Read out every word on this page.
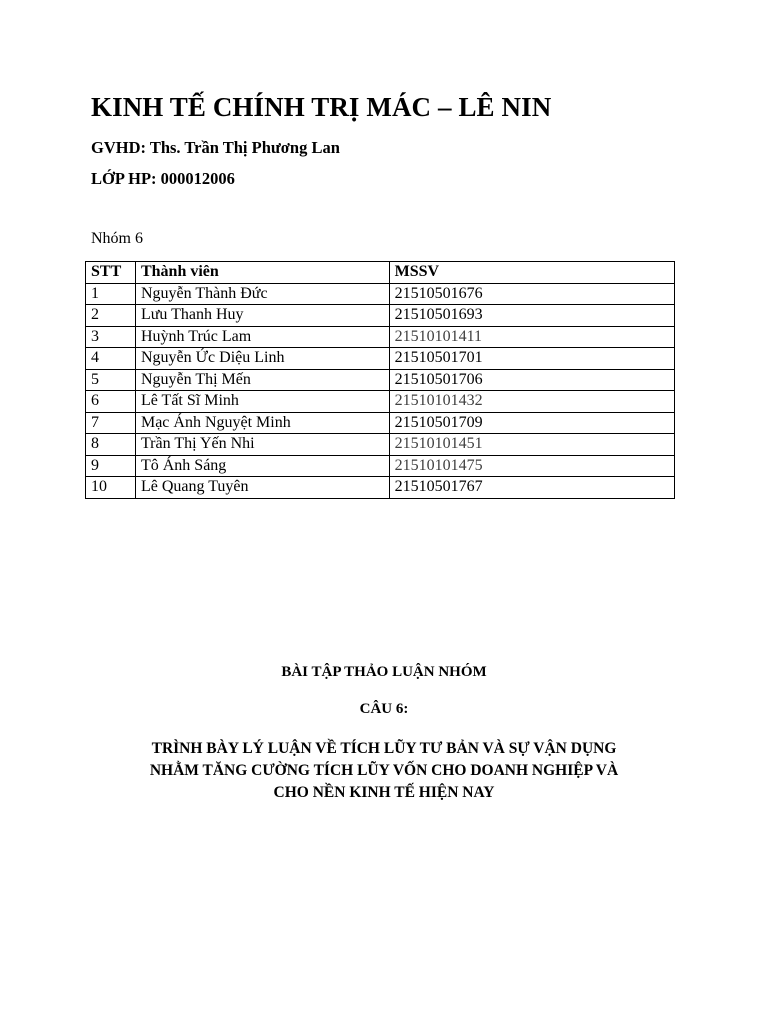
KINH TẾ CHÍNH TRỊ MÁC – LÊ NIN
GVHD: Ths. Trần Thị Phương Lan
LỚP HP: 000012006
Nhóm 6
STT	Thành viên	MSSV
1	Nguyễn Thành Đức	21510501676
2	Lưu Thanh Huy	21510501693
3	Huỳnh Trúc Lam	21510101411
4	Nguyễn Ức Diệu Linh	21510501701
5	Nguyễn Thị Mến	21510501706
6	Lê Tất Sĩ Minh	21510101432
7	Mạc Ánh Nguyệt Minh	21510501709
8	Trần Thị Yến Nhi	21510101451
9	Tô Ánh Sáng	21510101475
10	Lê Quang Tuyên	21510501767
BÀI TẬP THẢO LUẬN NHÓM
CÂU 6:
TRÌNH BÀY LÝ LUẬN VỀ TÍCH LŨY TƯ BẢN VÀ SỰ VẬN DỤNG
NHẰM TĂNG CƯỜNG TÍCH LŨY VỐN CHO DOANH NGHIỆP VÀ
CHO NỀN KINH TẾ HIỆN NAY
